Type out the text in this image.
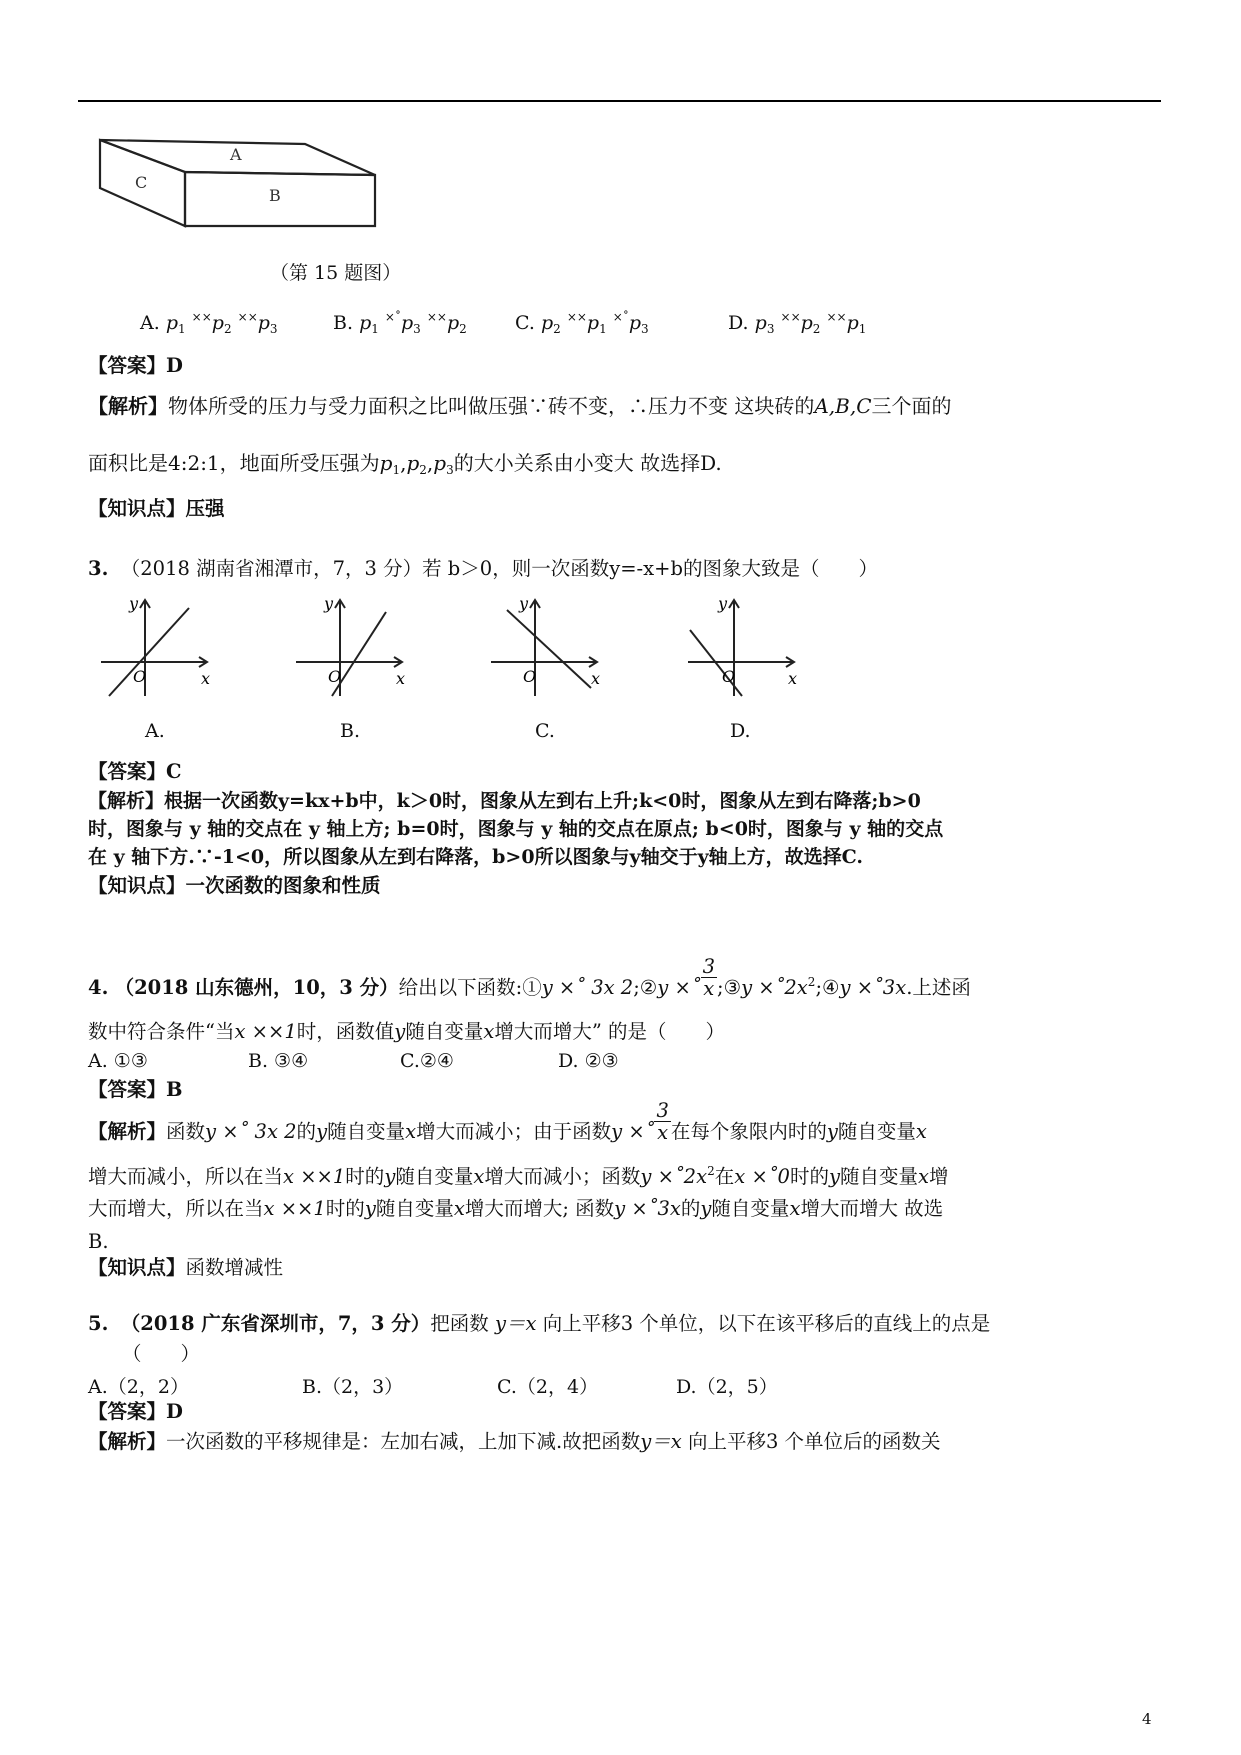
A
B
C
（第 15 题图）
A. $p_1$ $^{\times\times}p_2$ $^{\times\times}p_3$	B. $p_1$ $^{\times˚}p_3$ $^{\times\times}p_2$	C. $p_2$ $^{\times\times}p_1$ $^{\times˚}p_3$	D. $p_3$ $^{\times\times}p_2$ $^{\times\times}p_1$
【答案】D
【解析】物体所受的压力与受力面积之比叫做压强∵砖不变，∴压力不变 这块砖的A,B,C三个面的
面积比是4:2:1，地面所受压强为$p_1,p_2,p_3$的大小关系由小变大 故选择D.
【知识点】压强
3. （2018 湖南省湘潭市，7，3 分）若 b＞0，则一次函数y=-x+b的图象大致是（　　）
y
O	x
y
O	x
y
O	x
y
O	x
A.	B.	C.	D.
【答案】C
【解析】根据一次函数y=kx+b中，k＞0时，图象从左到右上升;k<0时，图象从左到右降落;b>0
时，图象与 y 轴的交点在 y 轴上方; b=0时，图象与 y 轴的交点在原点; b<0时，图象与 y 轴的交点
在 y 轴下方.∵-1<0，所以图象从左到右降落，b>0所以图象与y轴交于y轴上方，故选择C.
【知识点】一次函数的图象和性质
4. （2018 山东德州，10，3 分）给出以下函数:①y ×˚ 3x 2;②y ×˚ $\frac{3}{x}$ ;③y $\times˚2x^2;④y$ ×˚3x.上述函
数中符合条件“当x ××1时，函数值y随自变量x增大而增大” 的是（　　）
A. ①③	B. ③④	C.②④	D. ②③
【答案】B
【解析】函数y ×˚ 3x 2的y随自变量x增大而减小；由于函数y ×˚ $\frac{3}{x}$ 在每个象限内时的y随自变量x
增大而减小，所以在当x ××1时的y随自变量x增大而减小；函数$y \times˚2x^2$在x ×˚0时的y随自变量x增
大而增大，所以在当x ××1时的y随自变量x增大而增大; 函数y ×˚3x的y随自变量x增大而增大 故选
B.
【知识点】函数增减性
5. （2018 广东省深圳市，7，3 分）把函数 y＝x 向上平移3 个单位，以下在该平移后的直线上的点是
（　　）
A.（2，2）	B.（2，3）	C.（2，4）	D.（2，5）
【答案】D
【解析】一次函数的平移规律是：左加右减，上加下减.故把函数y＝x 向上平移3 个单位后的函数关
4
